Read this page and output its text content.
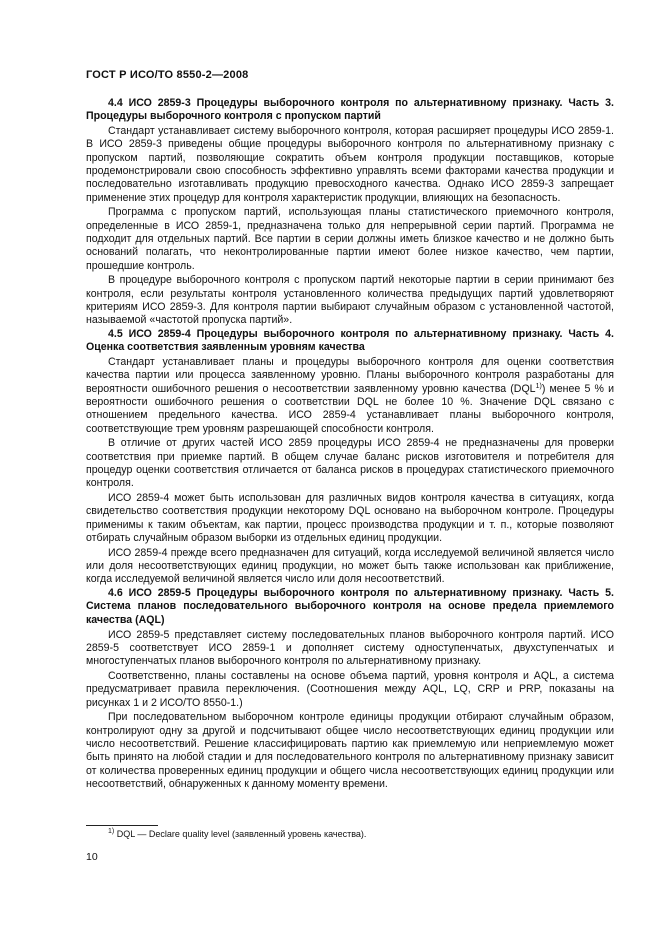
ГОСТ Р ИСО/ТО 8550-2—2008

4.4 ИСО 2859-3 Процедуры выборочного контроля по альтернативному признаку. Часть 3. Процедуры выборочного контроля с пропуском партий

Стандарт устанавливает систему выборочного контроля, которая расширяет процедуры ИСО 2859-1. В ИСО 2859-3 приведены общие процедуры выборочного контроля по альтернативному признаку с пропуском партий, позволяющие сократить объем контроля продукции поставщиков, которые продемонстрировали свою способность эффективно управлять всеми факторами качества продукции и последовательно изготавливать продукцию превосходного качества. Однако ИСО 2859-3 запрещает применение этих процедур для контроля характеристик продукции, влияющих на безопасность.

Программа с пропуском партий, использующая планы статистического приемочного контроля, определенные в ИСО 2859-1, предназначена только для непрерывной серии партий. Программа не подходит для отдельных партий. Все партии в серии должны иметь близкое качество и не должно быть оснований полагать, что неконтролированные партии имеют более низкое качество, чем партии, прошедшие контроль.

В процедуре выборочного контроля с пропуском партий некоторые партии в серии принимают без контроля, если результаты контроля установленного количества предыдущих партий удовлетворяют критериям ИСО 2859-3. Для контроля партии выбирают случайным образом с установленной частотой, называемой «частотой пропуска партий».

4.5 ИСО 2859-4 Процедуры выборочного контроля по альтернативному признаку. Часть 4. Оценка соответствия заявленным уровням качества

Стандарт устанавливает планы и процедуры выборочного контроля для оценки соответствия качества партии или процесса заявленному уровню. Планы выборочного контроля разработаны для вероятности ошибочного решения о несоответствии заявленному уровню качества (DQL$^{1)}$) менее 5 % и вероятности ошибочного решения о соответствии DQL не более 10 %. Значение DQL связано с отношением предельного качества. ИСО 2859-4 устанавливает планы выборочного контроля, соответствующие трем уровням разрешающей способности контроля.

В отличие от других частей ИСО 2859 процедуры ИСО 2859-4 не предназначены для проверки соответствия при приемке партий. В общем случае баланс рисков изготовителя и потребителя для процедур оценки соответствия отличается от баланса рисков в процедурах статистического приемочного контроля.

ИСО 2859-4 может быть использован для различных видов контроля качества в ситуациях, когда свидетельство соответствия продукции некоторому DQL основано на выборочном контроле. Процедуры применимы к таким объектам, как партии, процесс производства продукции и т. п., которые позволяют отбирать случайным образом выборки из отдельных единиц продукции.

ИСО 2859-4 прежде всего предназначен для ситуаций, когда исследуемой величиной является число или доля несоответствующих единиц продукции, но может быть также использован как приближение, когда исследуемой величиной является число или доля несоответствий.

4.6 ИСО 2859-5 Процедуры выборочного контроля по альтернативному признаку. Часть 5. Система планов последовательного выборочного контроля на основе предела приемлемого качества (AQL)

ИСО 2859-5 представляет систему последовательных планов выборочного контроля партий. ИСО 2859-5 соответствует ИСО 2859-1 и дополняет систему одноступенчатых, двухступенчатых и многоступенчатых планов выборочного контроля по альтернативному признаку.

Соответственно, планы составлены на основе объема партий, уровня контроля и AQL, а система предусматривает правила переключения. (Соотношения между AQL, LQ, CRP и PRP, показаны на рисунках 1 и 2 ИСО/ТО 8550-1.)

При последовательном выборочном контроле единицы продукции отбирают случайным образом, контролируют одну за другой и подсчитывают общее число несоответствующих единиц продукции или число несоответствий. Решение классифицировать партию как приемлемую или неприемлемую может быть принято на любой стадии и для последовательного контроля по альтернативному признаку зависит от количества проверенных единиц продукции и общего числа несоответствующих единиц продукции или несоответствий, обнаруженных к данному моменту времени.

$^{1)}$ DQL — Declare quality level (заявленный уровень качества).
10
